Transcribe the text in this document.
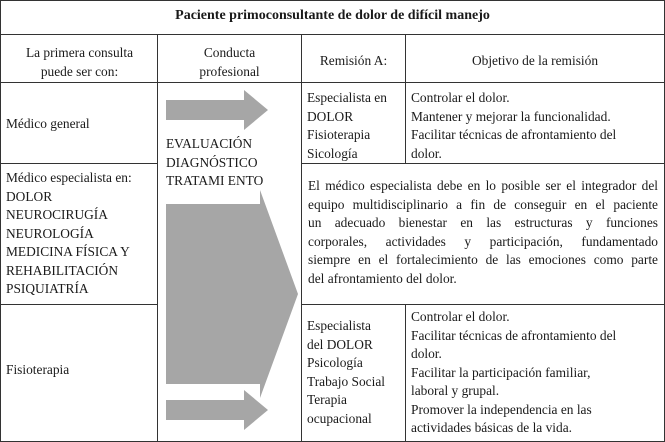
Paciente primoconsultante de dolor de difícil manejo
La primera consulta
puede ser con:
Conducta
profesional
Remisión A:	Objetivo de la remisión
Médico general
Médico especialista en:
DOLOR
NEUROCIRUGÍA
NEUROLOGÍA
MEDICINA FÍSICA Y
REHABILITACIÓN
PSIQUIATRÍA
Fisioterapia
EVALUACIÓN
DIAGNÓSTICO
TRATAMI ENTO
Especialista en
DOLOR
Fisioterapia
Sicología
Controlar el dolor.
Mantener y mejorar la funcionalidad.
Facilitar técnicas de afrontamiento del
dolor.
El médico especialista debe en lo posible ser el integrador del
equipo multidisciplinario a fin de conseguir en el paciente
un adecuado bienestar en las estructuras y funciones
corporales, actividades y participación, fundamentado
siempre en el fortalecimiento de las emociones como parte
del afrontamiento del dolor.
Especialista
del DOLOR
Psicología
Trabajo Social
Terapia
ocupacional
Controlar el dolor.
Facilitar técnicas de afrontamiento del
dolor.
Facilitar la participación familiar,
laboral y grupal.
Promover la independencia en las
actividades básicas de la vida.
